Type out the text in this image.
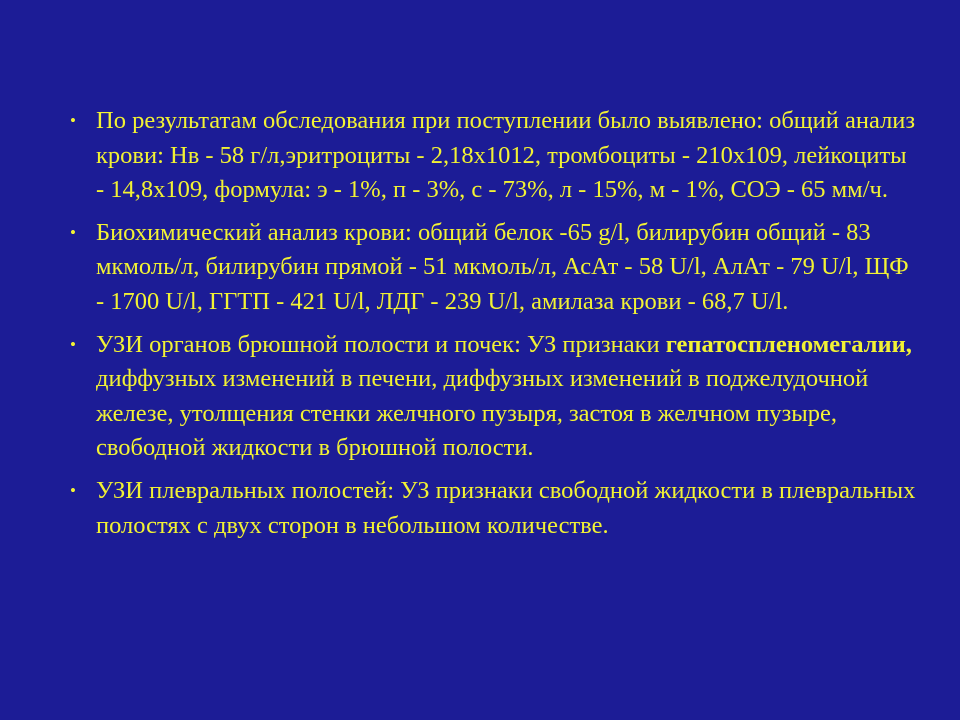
• По результатам обследования при поступлении было выявлено: общий анализ крови: Нв - 58 г/л,эритроциты - 2,18х1012, тромбоциты - 210х109, лейкоциты - 14,8х109, формула: э - 1%, п - 3%, с - 73%, л - 15%, м - 1%, СОЭ - 65 мм/ч.
• Биохимический анализ крови: общий белок -65 g/l, билирубин общий - 83 мкмоль/л, билирубин прямой - 51 мкмоль/л, АсАт - 58 U/l, АлАт - 79 U/l, ЩФ - 1700 U/l, ГГТП - 421 U/l, ЛДГ - 239 U/l, амилаза крови - 68,7 U/l.
• УЗИ органов брюшной полости и почек: УЗ признаки гепатоспленомегалии, диффузных изменений в печени, диффузных изменений в поджелудочной железе, утолщения стенки желчного пузыря, застоя в желчном пузыре, свободной жидкости в брюшной полости.
• УЗИ плевральных полостей: УЗ признаки свободной жидкости в плевральных полостях с двух сторон в небольшом количестве.
